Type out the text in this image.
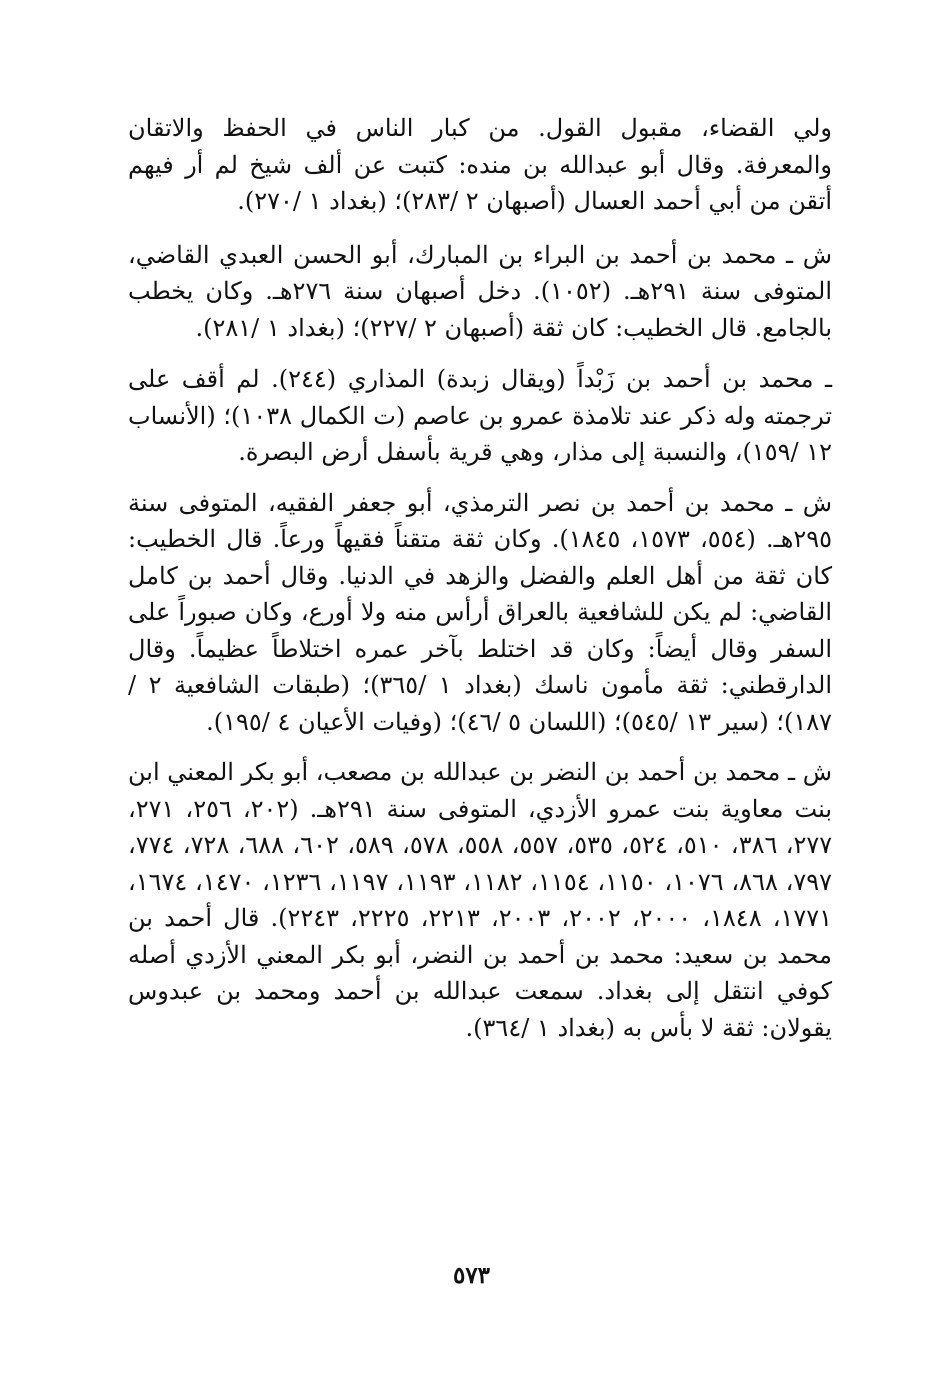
ولي القضاء، مقبول القول. من كبار الناس في الحفظ والاتقان والمعرفة. وقال أبو عبدالله بن منده: كتبت عن ألف شيخ لم أر فيهم أتقن من أبي أحمد العسال (أصبهان ٢ /٢٨٣)؛ (بغداد ١ /٢٧٠).

ش ـ محمد بن أحمد بن البراء بن المبارك، أبو الحسن العبدي القاضي، المتوفى سنة ٢٩١هـ. (١٠٥٢). دخل أصبهان سنة ٢٧٦هـ. وكان يخطب بالجامع. قال الخطيب: كان ثقة (أصبهان ٢ /٢٢٧)؛ (بغداد ١ /٢٨١).

ـ محمد بن أحمد بن زَبْداً (ويقال زبدة) المذاري (٢٤٤). لم أقف على ترجمته وله ذكر عند تلامذة عمرو بن عاصم (ت الكمال ١٠٣٨)؛ (الأنساب ١٢ /١٥٩)، والنسبة إلى مذار، وهي قرية بأسفل أرض البصرة.

ش ـ محمد بن أحمد بن نصر الترمذي، أبو جعفر الفقيه، المتوفى سنة ٢٩٥هـ. (٥٥٤، ١٥٧٣، ١٨٤٥). وكان ثقة متقناً فقيهاً ورعاً. قال الخطيب: كان ثقة من أهل العلم والفضل والزهد في الدنيا. وقال أحمد بن كامل القاضي: لم يكن للشافعية بالعراق أرأس منه ولا أورع، وكان صبوراً على السفر وقال أيضاً: وكان قد اختلط بآخر عمره اختلاطاً عظيماً. وقال الدارقطني: ثقة مأمون ناسك (بغداد ١ /٣٦٥)؛ (طبقات الشافعية ٢ /١٨٧)؛ (سير ١٣ /٥٤٥)؛ (اللسان ٥ /٤٦)؛ (وفيات الأعيان ٤ /١٩٥).

ش ـ محمد بن أحمد بن النضر بن عبدالله بن مصعب، أبو بكر المعني ابن بنت معاوية بنت عمرو الأزدي، المتوفى سنة ٢٩١هـ. (٢٠٢، ٢٥٦، ٢٧١، ٢٧٧، ٣٨٦، ٥١٠، ٥٢٤، ٥٣٥، ٥٥٧، ٥٥٨، ٥٧٨، ٥٨٩، ٦٠٢، ٦٨٨، ٧٢٨، ٧٧٤، ٧٩٧، ٨٦٨، ١٠٧٦، ١١٥٠، ١١٥٤، ١١٨٢، ١١٩٣، ١١٩٧، ١٢٣٦، ١٤٧٠، ١٦٧٤، ١٧٧١، ١٨٤٨، ٢٠٠٠، ٢٠٠٢، ٢٠٠٣، ٢٢١٣، ٢٢٢٥، ٢٢٤٣). قال أحمد بن محمد بن سعيد: محمد بن أحمد بن النضر، أبو بكر المعني الأزدي أصله كوفي انتقل إلى بغداد. سمعت عبدالله بن أحمد ومحمد بن عبدوس يقولان: ثقة لا بأس به (بغداد ١ /٣٦٤).

٥٧٣
